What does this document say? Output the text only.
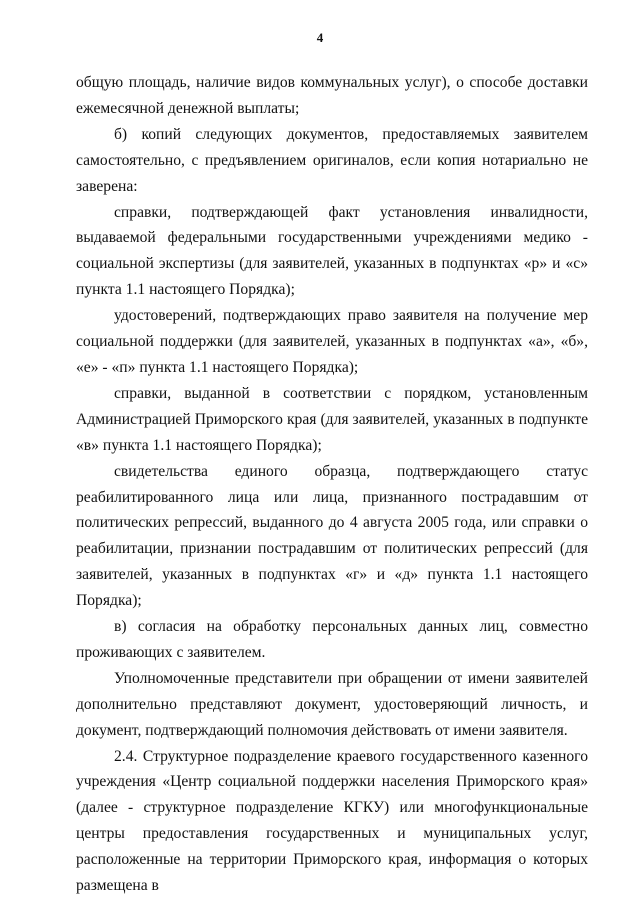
4

общую площадь, наличие видов коммунальных услуг), о способе доставки ежемесячной денежной выплаты;

б) копий следующих документов, предоставляемых заявителем самостоятельно, с предъявлением оригиналов, если копия нотариально не заверена:

справки, подтверждающей факт установления инвалидности, выдаваемой федеральными государственными учреждениями медико - социальной экспертизы (для заявителей, указанных в подпунктах «р» и «с» пункта 1.1 настоящего Порядка);

удостоверений, подтверждающих право заявителя на получение мер социальной поддержки (для заявителей, указанных в подпунктах «а», «б», «е» - «п» пункта 1.1 настоящего Порядка);

справки, выданной в соответствии с порядком, установленным Администрацией Приморского края (для заявителей, указанных в подпункте «в» пункта 1.1 настоящего Порядка);

свидетельства единого образца, подтверждающего статус реабилитированного лица или лица, признанного пострадавшим от политических репрессий, выданного до 4 августа 2005 года, или справки о реабилитации, признании пострадавшим от политических репрессий (для заявителей, указанных в подпунктах «г» и «д» пункта 1.1 настоящего Порядка);

в) согласия на обработку персональных данных лиц, совместно проживающих с заявителем.

Уполномоченные представители при обращении от имени заявителей дополнительно представляют документ, удостоверяющий личность, и документ, подтверждающий полномочия действовать от имени заявителя.

2.4. Структурное подразделение краевого государственного казенного учреждения «Центр социальной поддержки населения Приморского края» (далее - структурное подразделение КГКУ) или многофункциональные центры предоставления государственных и муниципальных услуг, расположенные на территории Приморского края, информация о которых размещена в
